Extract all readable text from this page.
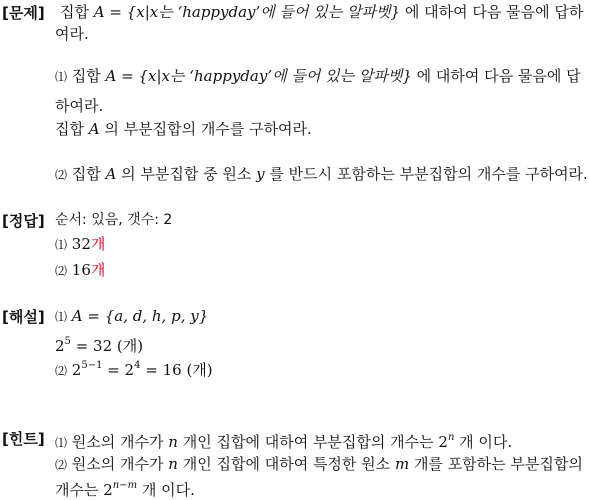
[문제] 집합 A = {x|x는 ‘happyday’에 들어 있는 알파벳} 에 대하여 다음 물음에 답하
여라.
⑴ 집합 A = {x|x는 ‘happyday’에 들어 있는 알파벳} 에 대하여 다음 물음에 답
하여라.
집합 A 의 부분집합의 개수를 구하여라.
⑵ 집합 A 의 부분집합 중 원소 y 를 반드시 포함하는 부분집합의 개수를 구하여라.
[정답] 순서: 있음, 갯수: 2
⑴ 32개
⑵ 16개
[해설] ⑴ A = {a, d, h, p, y}
$2^5 = 32$ (개)
⑵ $2^{5-1} = 2^4 = 16$ (개)
[힌트] ⑴ 원소의 개수가 n 개인 집합에 대하여 부분집합의 개수는 2$^n$ 개 이다.
⑵ 원소의 개수가 n 개인 집합에 대하여 특정한 원소 m 개를 포함하는 부분집합의
개수는 $2^{n-m}$ 개 이다.
